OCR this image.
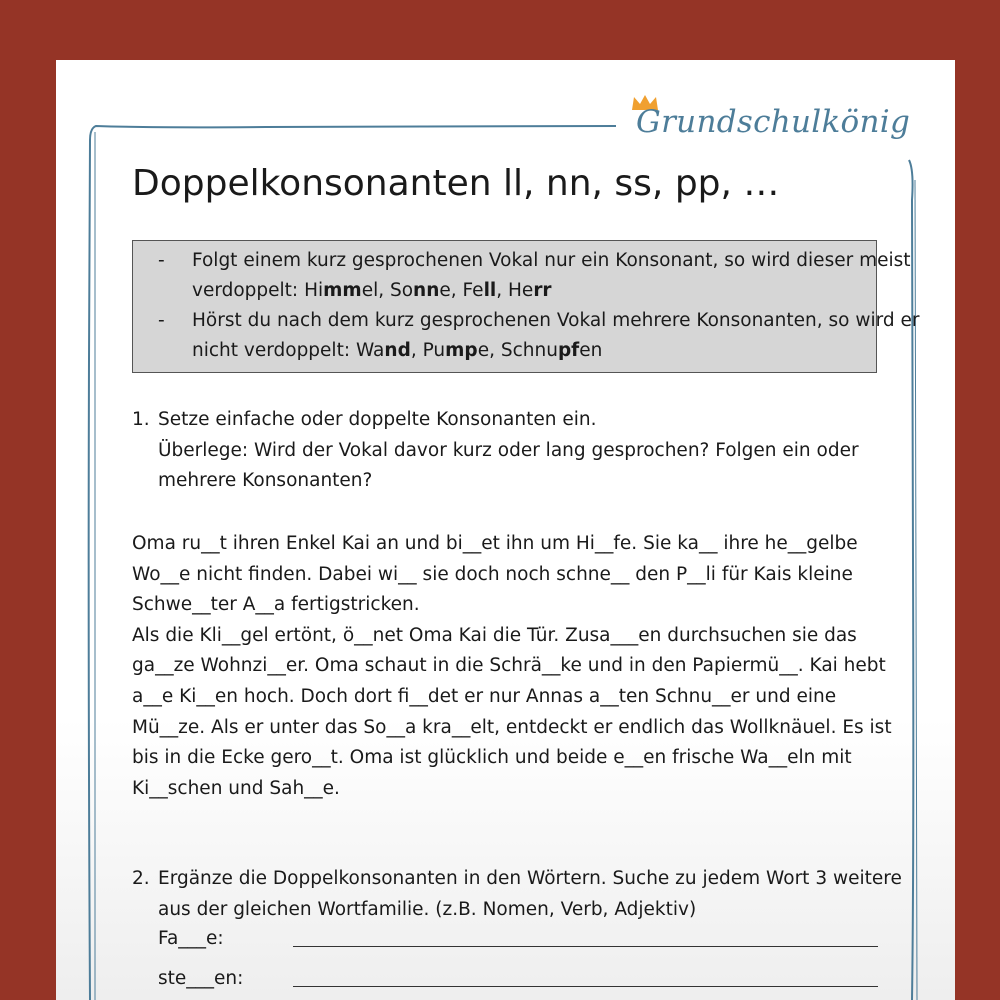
Grundschulkönig
Doppelkonsonanten ll, nn, ss, pp, …
- Folgt einem kurz gesprochenen Vokal nur ein Konsonant, so wird dieser meist
verdoppelt: Himmel, Sonne, Fell, Herr
- Hörst du nach dem kurz gesprochenen Vokal mehrere Konsonanten, so wird er
nicht verdoppelt: Wand, Pumpe, Schnupfen
1. Setze einfache oder doppelte Konsonanten ein.
Überlege: Wird der Vokal davor kurz oder lang gesprochen? Folgen ein oder
mehrere Konsonanten?
Oma ru__t ihren Enkel Kai an und bi__et ihn um Hi__fe. Sie ka__ ihre he__gelbe
Wo__e nicht finden. Dabei wi__ sie doch noch schne__ den P__li für Kais kleine
Schwe__ter A__a fertigstricken.
Als die Kli__gel ertönt, ö__net Oma Kai die Tür. Zusa___en durchsuchen sie das
ga__ze Wohnzi__er. Oma schaut in die Schrä__ke und in den Papiermü__. Kai hebt
a__e Ki__en hoch. Doch dort fi__det er nur Annas a__ten Schnu__er und eine
Mü__ze. Als er unter das So__a kra__elt, entdeckt er endlich das Wollknäuel. Es ist
bis in die Ecke gero__t. Oma ist glücklich und beide e__en frische Wa__eln mit
Ki__schen und Sah__e.
2. Ergänze die Doppelkonsonanten in den Wörtern. Suche zu jedem Wort 3 weitere
aus der gleichen Wortfamilie. (z.B. Nomen, Verb, Adjektiv)
Fa___e:
ste___en:
